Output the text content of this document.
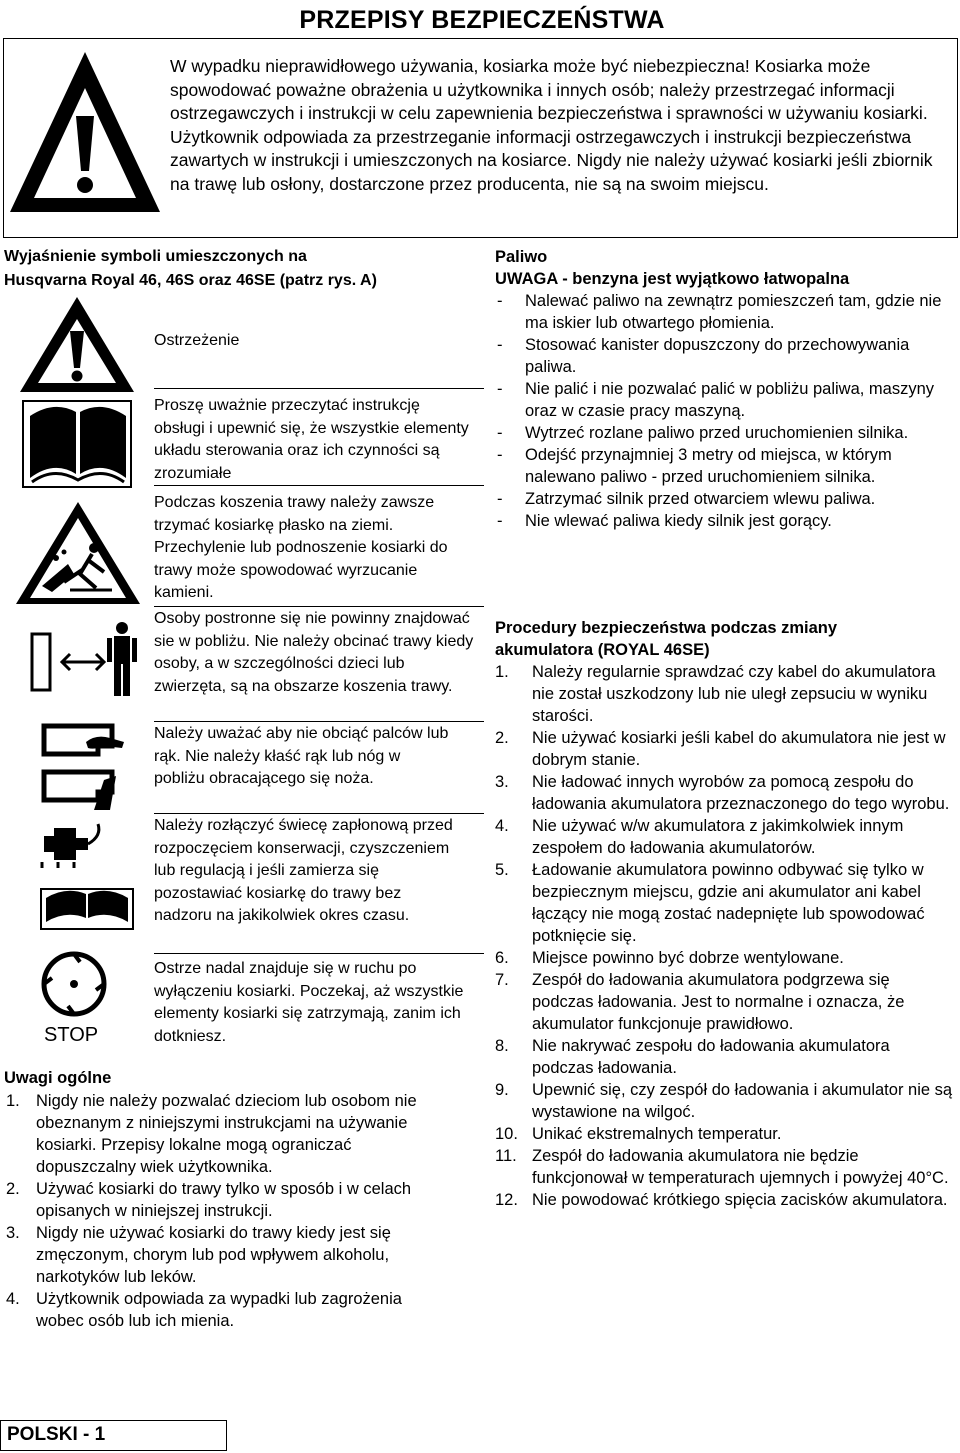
PRZEPISY BEZPIECZEŃSTWA
W wypadku nieprawidłowego używania, kosiarka może być niebezpieczna! Kosiarka może spowodować poważne obrażenia u użytkownika i innych osób; należy przestrzegać informacji ostrzegawczych i instrukcji w celu zapewnienia bezpieczeństwa i sprawności w używaniu kosiarki. Użytkownik odpowiada za przestrzeganie informacji ostrzegawczych i instrukcji bezpieczeństwa zawartych w instrukcji i umieszczonych na kosiarce. Nigdy nie należy używać kosiarki jeśli zbiornik na trawę lub osłony, dostarczone przez producenta, nie są na swoim miejscu.
Wyjaśnienie symboli umieszczonych na
Husqvarna Royal 46, 46S oraz 46SE (patrz rys. A)
STOP
Ostrzeżenie
Proszę uważnie przeczytać instrukcję obsługi i upewnić się, że wszystkie elementy układu sterowania oraz ich czynności są zrozumiałe
Podczas koszenia trawy należy zawsze trzymać kosiarkę płasko na ziemi. Przechylenie lub podnoszenie kosiarki do trawy może spowodować wyrzucanie kamieni.
Osoby postronne się nie powinny znajdować sie w pobliżu. Nie należy obcinać trawy kiedy osoby, a w szczególności dzieci lub zwierzęta, są na obszarze koszenia trawy.
Należy uważać aby nie obciąć palców lub rąk. Nie należy kłaść rąk lub nóg w pobliżu obracającego się noża.
Należy rozłączyć świecę zapłonową przed rozpoczęciem konserwacji, czyszczeniem lub regulacją i jeśli zamierza się pozostawiać kosiarkę do trawy bez nadzoru na jakikolwiek okres czasu.
Ostrze nadal znajduje się w ruchu po wyłączeniu kosiarki. Poczekaj, aż wszystkie elementy kosiarki się zatrzymają, zanim ich dotkniesz.
Uwagi ogólne
1. Nigdy nie należy pozwalać dzieciom lub osobom nie obeznanym z niniejszymi instrukcjami na używanie kosiarki. Przepisy lokalne mogą ograniczać dopuszczalny wiek użytkownika.
2. Używać kosiarki do trawy tylko w sposób i w celach opisanych w niniejszej instrukcji.
3. Nigdy nie używać kosiarki do trawy kiedy jest się zmęczonym, chorym lub pod wpływem alkoholu, narkotyków lub leków.
4. Użytkownik odpowiada za wypadki lub zagrożenia wobec osób lub ich mienia.
Paliwo
UWAGA - benzyna jest wyjątkowo łatwopalna
- Nalewać paliwo na zewnątrz pomieszczeń tam, gdzie nie ma iskier lub otwartego płomienia.
- Stosować kanister dopuszczony do przechowywania paliwa.
- Nie palić i nie pozwalać palić w pobliżu paliwa, maszyny oraz w czasie pracy maszyną.
- Wytrzeć rozlane paliwo przed uruchomienien silnika.
- Odejść przynajmniej 3 metry od miejsca, w którym nalewano paliwo - przed uruchomieniem silnika.
- Zatrzymać silnik przed otwarciem wlewu paliwa.
- Nie wlewać paliwa kiedy silnik jest gorący.
Procedury bezpieczeństwa podczas zmiany akumulatora (ROYAL 46SE)
1. Należy regularnie sprawdzać czy kabel do akumulatora nie został uszkodzony lub nie uległ zepsuciu w wyniku starości.
2. Nie używać kosiarki jeśli kabel do akumulatora nie jest w dobrym stanie.
3. Nie ładować innych wyrobów za pomocą zespołu do ładowania akumulatora przeznaczonego do tego wyrobu.
4. Nie używać w/w akumulatora z jakimkolwiek innym zespołem do ładowania akumulatorów.
5. Ładowanie akumulatora powinno odbywać się tylko w bezpiecznym miejscu, gdzie ani akumulator ani kabel łączący nie mogą zostać nadepnięte lub spowodować potknięcie się.
6. Miejsce powinno być dobrze wentylowane.
7. Zespół do ładowania akumulatora podgrzewa się podczas ładowania. Jest to normalne i oznacza, że akumulator funkcjonuje prawidłowo.
8. Nie nakrywać zespołu do ładowania akumulatora podczas ładowania.
9. Upewnić się, czy zespół do ładowania i akumulator nie są wystawione na wilgoć.
10. Unikać ekstremalnych temperatur.
11. Zespół do ładowania akumulatora nie będzie funkcjonował w temperaturach ujemnych i powyżej 40°C.
12. Nie powodować krótkiego spięcia zacisków akumulatora.
POLSKI - 1
